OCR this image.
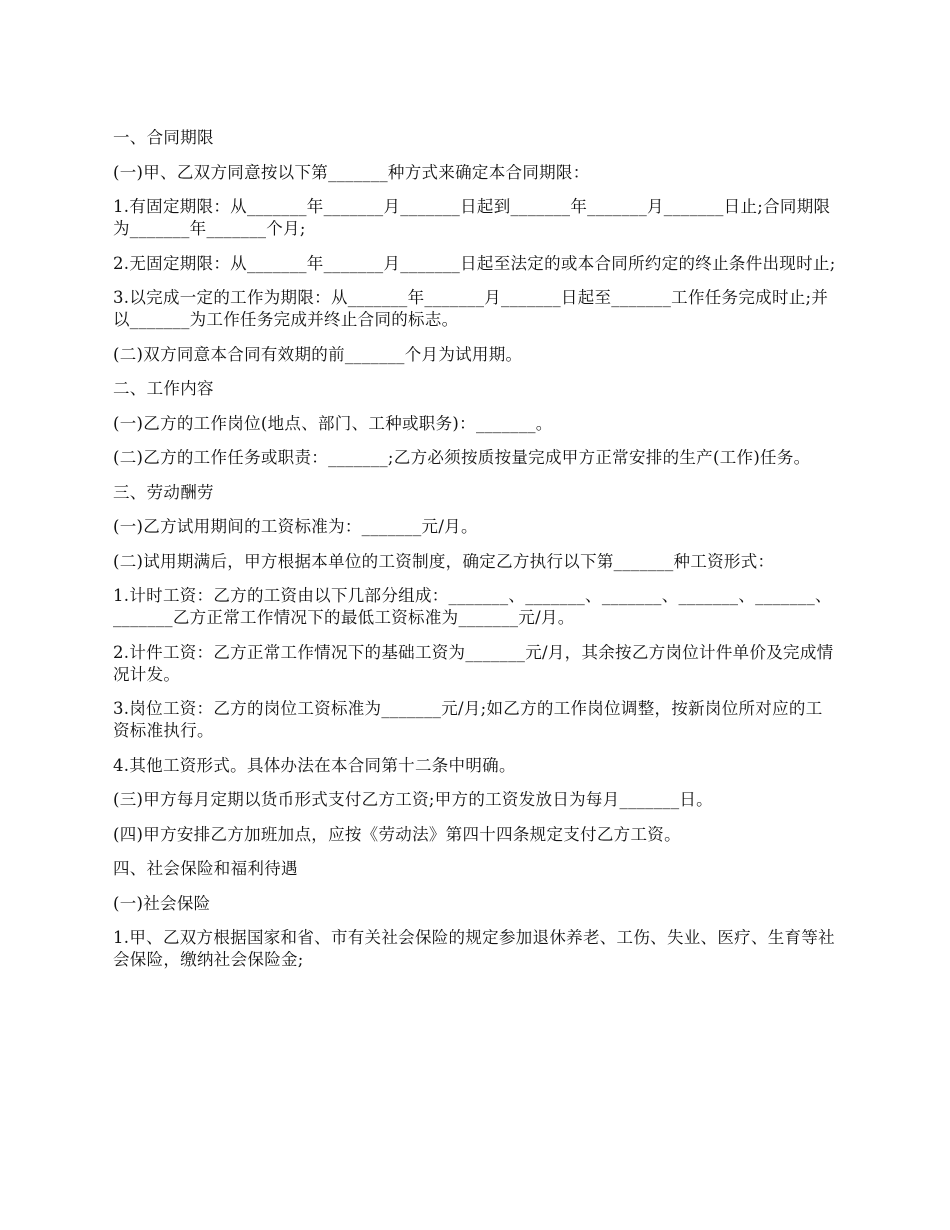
一、合同期限

(一)甲、乙双方同意按以下第_______种方式来确定本合同期限：

1.有固定期限：从_______年_______月_______日起到_______年_______月_______日止;合同期限为_______年_______个月;

2.无固定期限：从_______年_______月_______日起至法定的或本合同所约定的终止条件出现时止;

3.以完成一定的工作为期限：从_______年_______月_______日起至_______工作任务完成时止;并以_______为工作任务完成并终止合同的标志。

(二)双方同意本合同有效期的前_______个月为试用期。

二、工作内容

(一)乙方的工作岗位(地点、部门、工种或职务)：_______。

(二)乙方的工作任务或职责：_______;乙方必须按质按量完成甲方正常安排的生产(工作)任务。

三、劳动酬劳

(一)乙方试用期间的工资标准为：_______元/月。

(二)试用期满后，甲方根据本单位的工资制度，确定乙方执行以下第_______种工资形式：

1.计时工资：乙方的工资由以下几部分组成：_______、_______、_______、_______、_______、_______乙方正常工作情况下的最低工资标准为_______元/月。

2.计件工资：乙方正常工作情况下的基础工资为_______元/月，其余按乙方岗位计件单价及完成情况计发。

3.岗位工资：乙方的岗位工资标准为_______元/月;如乙方的工作岗位调整，按新岗位所对应的工资标准执行。

4.其他工资形式。具体办法在本合同第十二条中明确。

(三)甲方每月定期以货币形式支付乙方工资;甲方的工资发放日为每月_______日。

(四)甲方安排乙方加班加点，应按《劳动法》第四十四条规定支付乙方工资。

四、社会保险和福利待遇

(一)社会保险

1.甲、乙双方根据国家和省、市有关社会保险的规定参加退休养老、工伤、失业、医疗、生育等社会保险，缴纳社会保险金;
